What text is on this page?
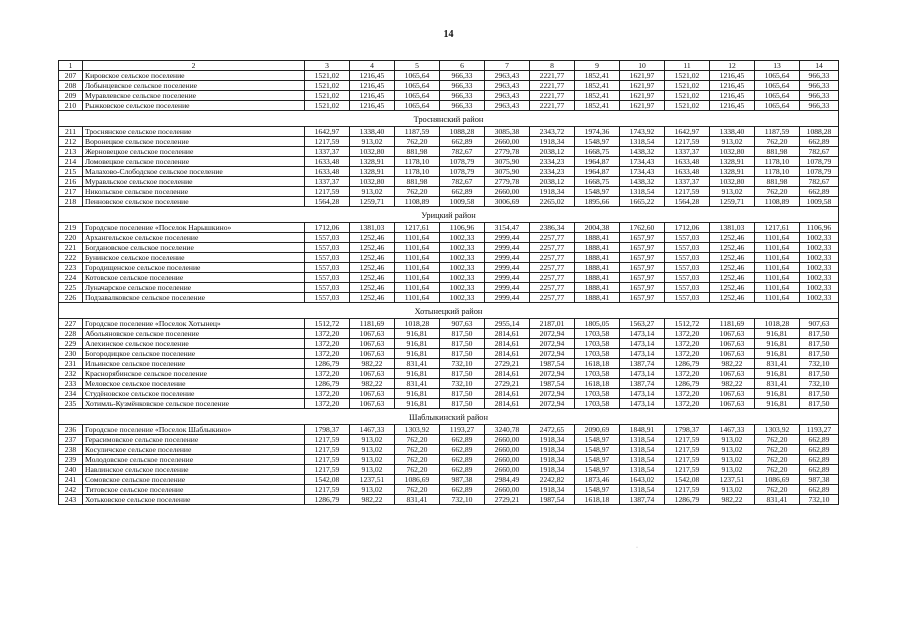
14
1	2	3	4	5	6	7	8	9	10	11	12	13	14
207	Кировское сельское поселение	1521,02	1216,45	1065,64	966,33	2963,43	2221,77	1852,41	1621,97	1521,02	1216,45	1065,64	966,33
208	Лобынцевское сельское поселение	1521,02	1216,45	1065,64	966,33	2963,43	2221,77	1852,41	1621,97	1521,02	1216,45	1065,64	966,33
209	Муравлевское сельское поселение	1521,02	1216,45	1065,64	966,33	2963,43	2221,77	1852,41	1621,97	1521,02	1216,45	1065,64	966,33
210	Рыжковское сельское поселение	1521,02	1216,45	1065,64	966,33	2963,43	2221,77	1852,41	1621,97	1521,02	1216,45	1065,64	966,33
Троснянский район													
211	Троснянское сельское поселение	1642,97	1338,40	1187,59	1088,28	3085,38	2343,72	1974,36	1743,92	1642,97	1338,40	1187,59	1088,28
212	Воронецкое сельское поселение	1217,59	913,02	762,20	662,89	2660,00	1918,34	1548,97	1318,54	1217,59	913,02	762,20	662,89
213	Жерновецкое сельское поселение	1337,37	1032,80	881,98	782,67	2779,78	2038,12	1668,75	1438,32	1337,37	1032,80	881,98	782,67
214	Ломовецкое сельское поселение	1633,48	1328,91	1178,10	1078,79	3075,90	2334,23	1964,87	1734,43	1633,48	1328,91	1178,10	1078,79
215	Малахово-Слободское сельское поселение	1633,48	1328,91	1178,10	1078,79	3075,90	2334,23	1964,87	1734,43	1633,48	1328,91	1178,10	1078,79
216	Муравльское сельское поселение	1337,37	1032,80	881,98	782,67	2779,78	2038,12	1668,75	1438,32	1337,37	1032,80	881,98	782,67
217	Никольское сельское поселение	1217,59	913,02	762,20	662,89	2660,00	1918,34	1548,97	1318,54	1217,59	913,02	762,20	662,89
218	Пенновское сельское поселение	1564,28	1259,71	1108,89	1009,58	3006,69	2265,02	1895,66	1665,22	1564,28	1259,71	1108,89	1009,58
Урицкий район													
219	Городское поселение «Поселок Нарышкино»	1712,06	1381,03	1217,61	1106,96	3154,47	2386,34	2004,38	1762,60	1712,06	1381,03	1217,61	1106,96
220	Архангельское сельское поселение	1557,03	1252,46	1101,64	1002,33	2999,44	2257,77	1888,41	1657,97	1557,03	1252,46	1101,64	1002,33
221	Богдановское сельское поселение	1557,03	1252,46	1101,64	1002,33	2999,44	2257,77	1888,41	1657,97	1557,03	1252,46	1101,64	1002,33
222	Бунинское сельское поселение	1557,03	1252,46	1101,64	1002,33	2999,44	2257,77	1888,41	1657,97	1557,03	1252,46	1101,64	1002,33
223	Городищенское сельское поселение	1557,03	1252,46	1101,64	1002,33	2999,44	2257,77	1888,41	1657,97	1557,03	1252,46	1101,64	1002,33
224	Котовское сельское поселение	1557,03	1252,46	1101,64	1002,33	2999,44	2257,77	1888,41	1657,97	1557,03	1252,46	1101,64	1002,33
225	Луначарское сельское поселение	1557,03	1252,46	1101,64	1002,33	2999,44	2257,77	1888,41	1657,97	1557,03	1252,46	1101,64	1002,33
226	Подзавалковское сельское поселение	1557,03	1252,46	1101,64	1002,33	2999,44	2257,77	1888,41	1657,97	1557,03	1252,46	1101,64	1002,33
Хотынецкий район													
227	Городское поселение «Поселок Хотынец»	1512,72	1181,69	1018,28	907,63	2955,14	2187,01	1805,05	1563,27	1512,72	1181,69	1018,28	907,63
228	Абольяновское сельское поселение	1372,20	1067,63	916,81	817,50	2814,61	2072,94	1703,58	1473,14	1372,20	1067,63	916,81	817,50
229	Алехинское сельское поселение	1372,20	1067,63	916,81	817,50	2814,61	2072,94	1703,58	1473,14	1372,20	1067,63	916,81	817,50
230	Богородицкое сельское поселение	1372,20	1067,63	916,81	817,50	2814,61	2072,94	1703,58	1473,14	1372,20	1067,63	916,81	817,50
231	Ильинское сельское поселение	1286,79	982,22	831,41	732,10	2729,21	1987,54	1618,18	1387,74	1286,79	982,22	831,41	732,10
232	Краснорябинское сельское поселение	1372,20	1067,63	916,81	817,50	2814,61	2072,94	1703,58	1473,14	1372,20	1067,63	916,81	817,50
233	Меловское сельское поселение	1286,79	982,22	831,41	732,10	2729,21	1987,54	1618,18	1387,74	1286,79	982,22	831,41	732,10
234	Студёновское сельское поселение	1372,20	1067,63	916,81	817,50	2814,61	2072,94	1703,58	1473,14	1372,20	1067,63	916,81	817,50
235	Хотимль-Кузмёнковское сельское поселение	1372,20	1067,63	916,81	817,50	2814,61	2072,94	1703,58	1473,14	1372,20	1067,63	916,81	817,50
Шаблыкинский район													
236	Городское поселение «Поселок Шаблыкино»	1798,37	1467,33	1303,92	1193,27	3240,78	2472,65	2090,69	1848,91	1798,37	1467,33	1303,92	1193,27
237	Герасимовское сельское поселение	1217,59	913,02	762,20	662,89	2660,00	1918,34	1548,97	1318,54	1217,59	913,02	762,20	662,89
238	Косуличское сельское поселение	1217,59	913,02	762,20	662,89	2660,00	1918,34	1548,97	1318,54	1217,59	913,02	762,20	662,89
239	Молодовское сельское поселение	1217,59	913,02	762,20	662,89	2660,00	1918,34	1548,97	1318,54	1217,59	913,02	762,20	662,89
240	Навлинское сельское поселение	1217,59	913,02	762,20	662,89	2660,00	1918,34	1548,97	1318,54	1217,59	913,02	762,20	662,89
241	Сомовское сельское поселение	1542,08	1237,51	1086,69	987,38	2984,49	2242,82	1873,46	1643,02	1542,08	1237,51	1086,69	987,38
242	Титовское сельское поселение	1217,59	913,02	762,20	662,89	2660,00	1918,34	1548,97	1318,54	1217,59	913,02	762,20	662,89
243	Хотьковское сельское поселение	1286,79	982,22	831,41	732,10	2729,21	1987,54	1618,18	1387,74	1286,79	982,22	831,41	732,10
·
